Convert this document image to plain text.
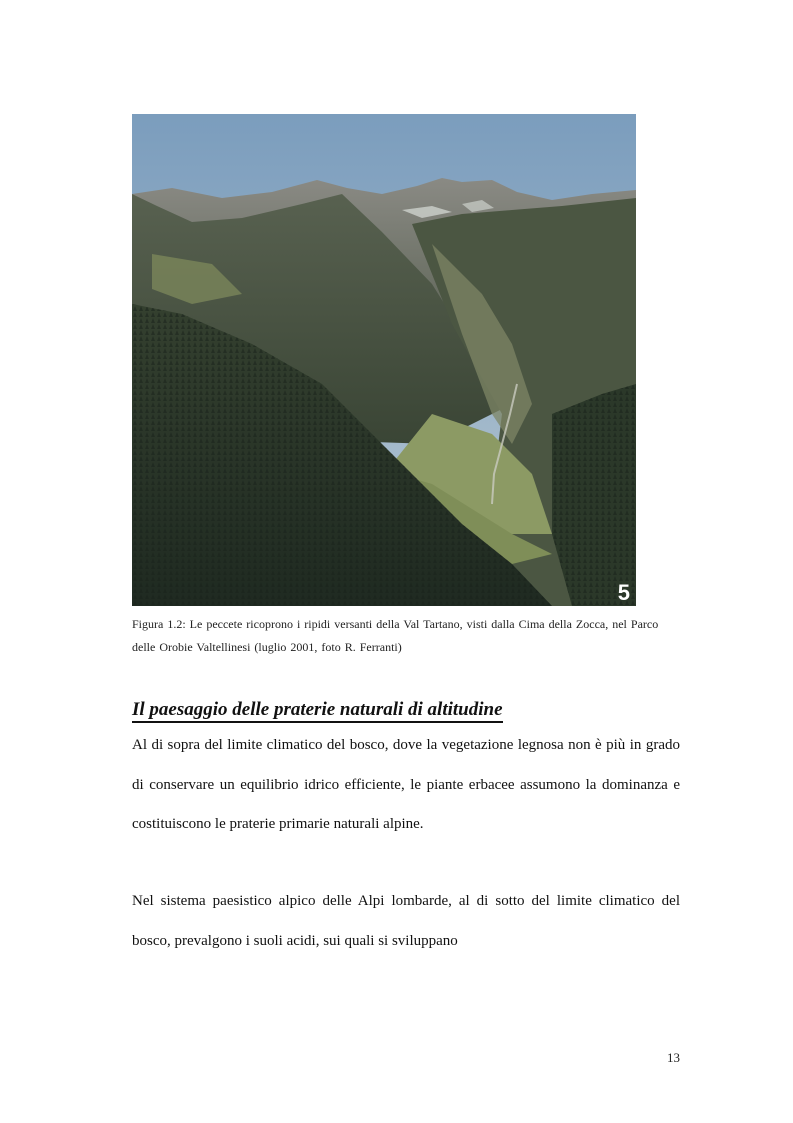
5
Figura 1.2: Le peccete ricoprono i ripidi versanti della Val Tartano, visti dalla Cima della Zocca, nel Parco delle Orobie Valtellinesi (luglio 2001, foto R. Ferranti)
Il paesaggio delle praterie naturali di altitudine

Al di sopra del limite climatico del bosco, dove la vegetazione legnosa non è più in grado di conservare un equilibrio idrico efficiente, le piante erbacee assumono la dominanza e costituiscono le praterie primarie naturali alpine.

Nel sistema paesistico alpico delle Alpi lombarde, al di sotto del limite climatico del bosco, prevalgono i suoli acidi, sui quali si sviluppano

13
